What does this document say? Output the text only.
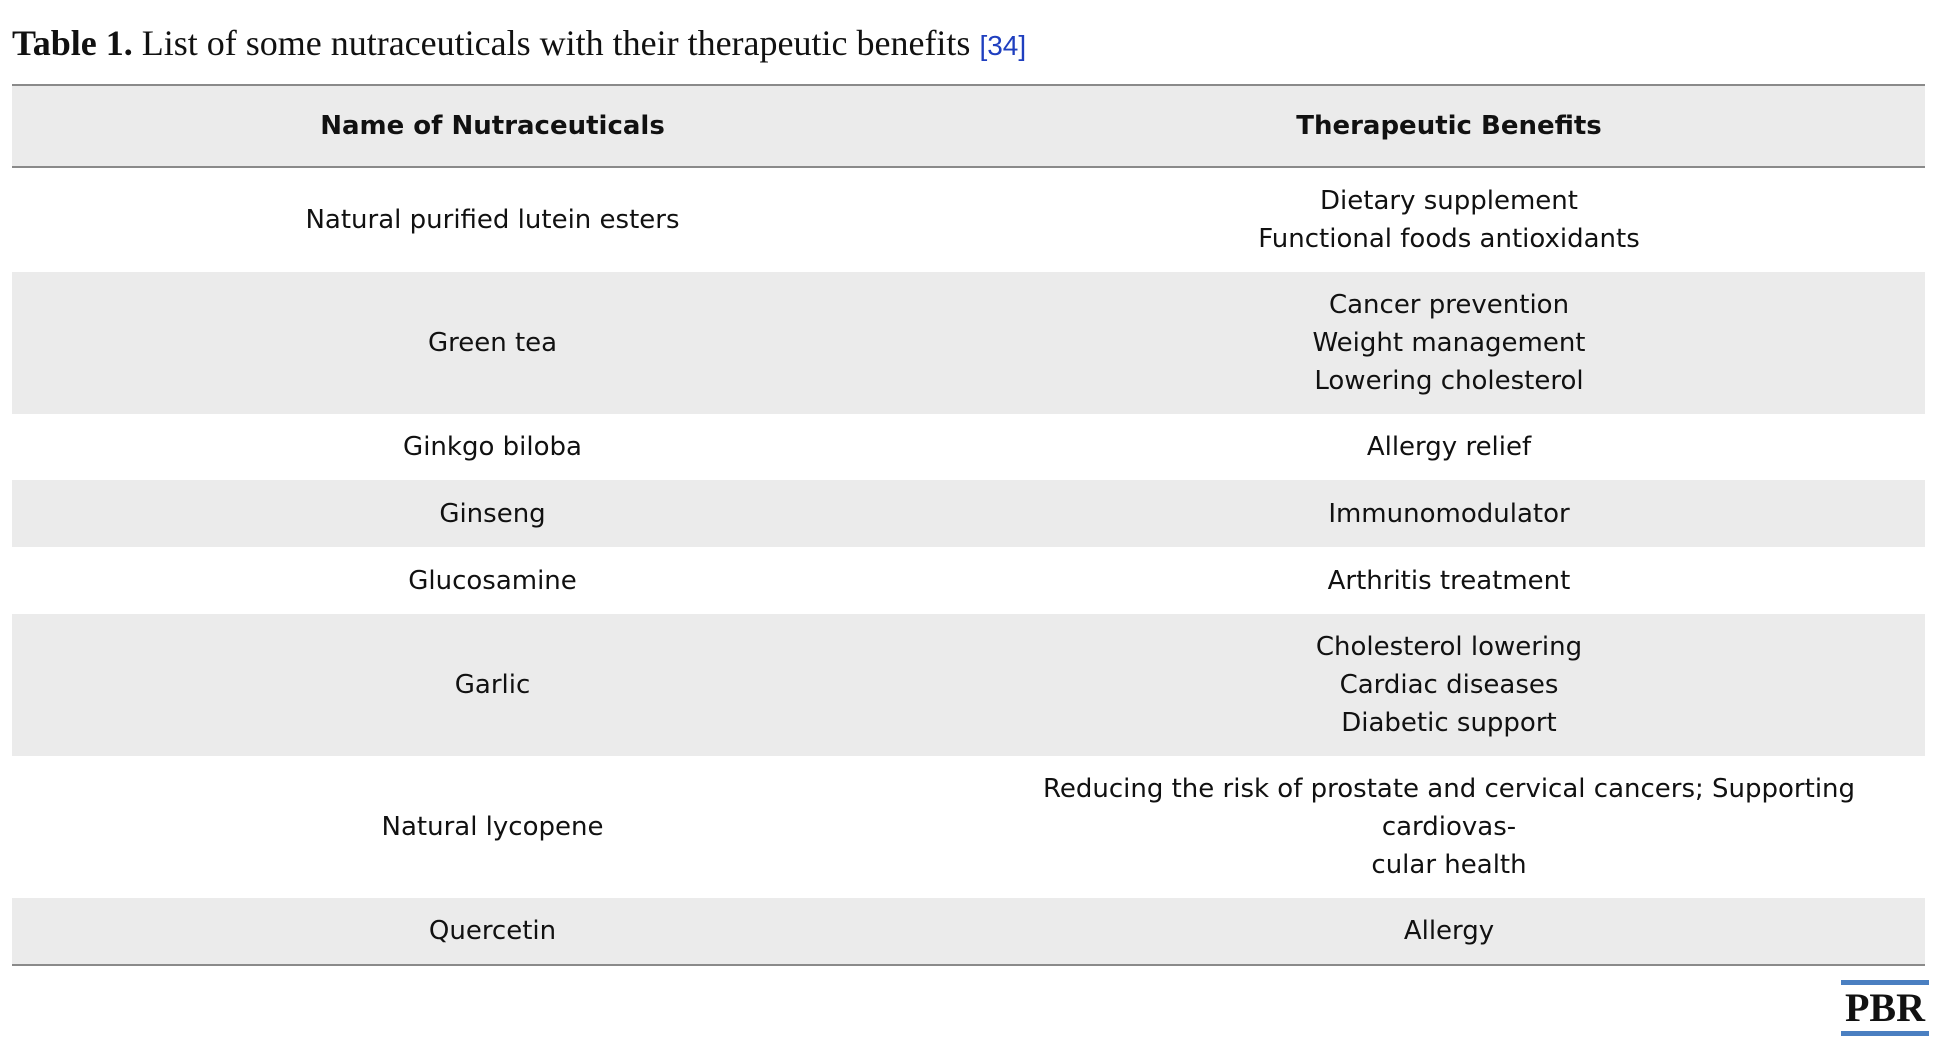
Table 1. List of some nutraceuticals with their therapeutic benefits [34]
Name of Nutraceuticals	Therapeutic Benefits
Natural purified lutein esters	Dietary supplement
Functional foods antioxidants

Green tea	Cancer prevention
Weight management
Lowering cholesterol

Ginkgo biloba	Allergy relief

Ginseng	Immunomodulator

Glucosamine	Arthritis treatment

Garlic	Cholesterol lowering
Cardiac diseases
Diabetic support

Natural lycopene	Reducing the risk of prostate and cervical cancers; Supporting cardiovas-
cular health

Quercetin	Allergy
PBR
